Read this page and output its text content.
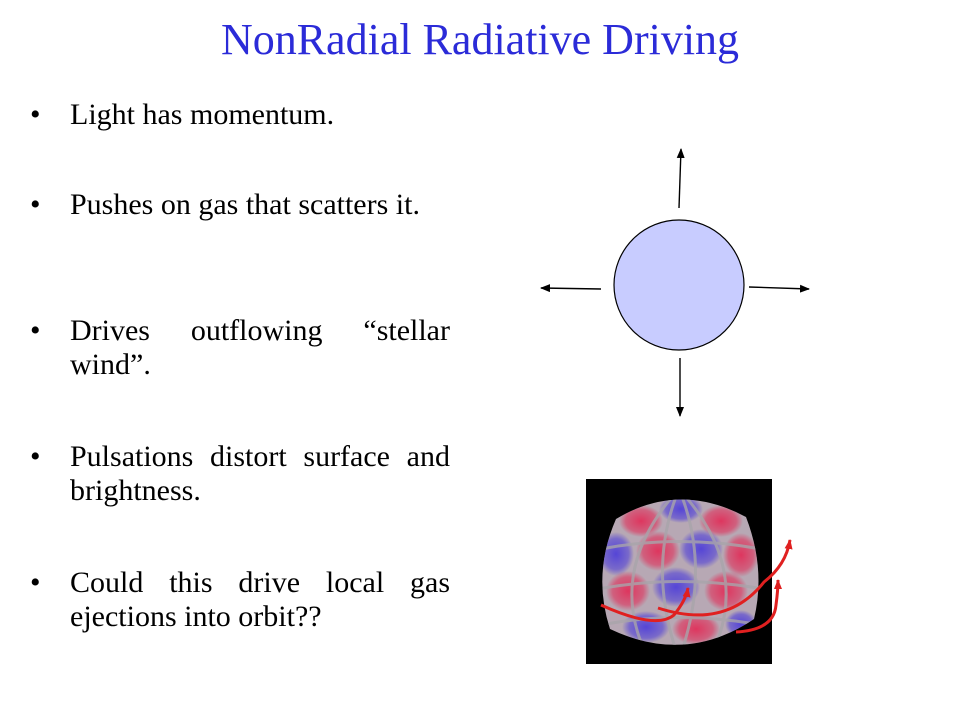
NonRadial Radiative Driving
• Light has momentum.
• Pushes on gas that scatters it.
• Drives outflowing “stellar wind”.
• Pulsations distort surface and brightness.
• Could this drive local gas ejections into orbit??
